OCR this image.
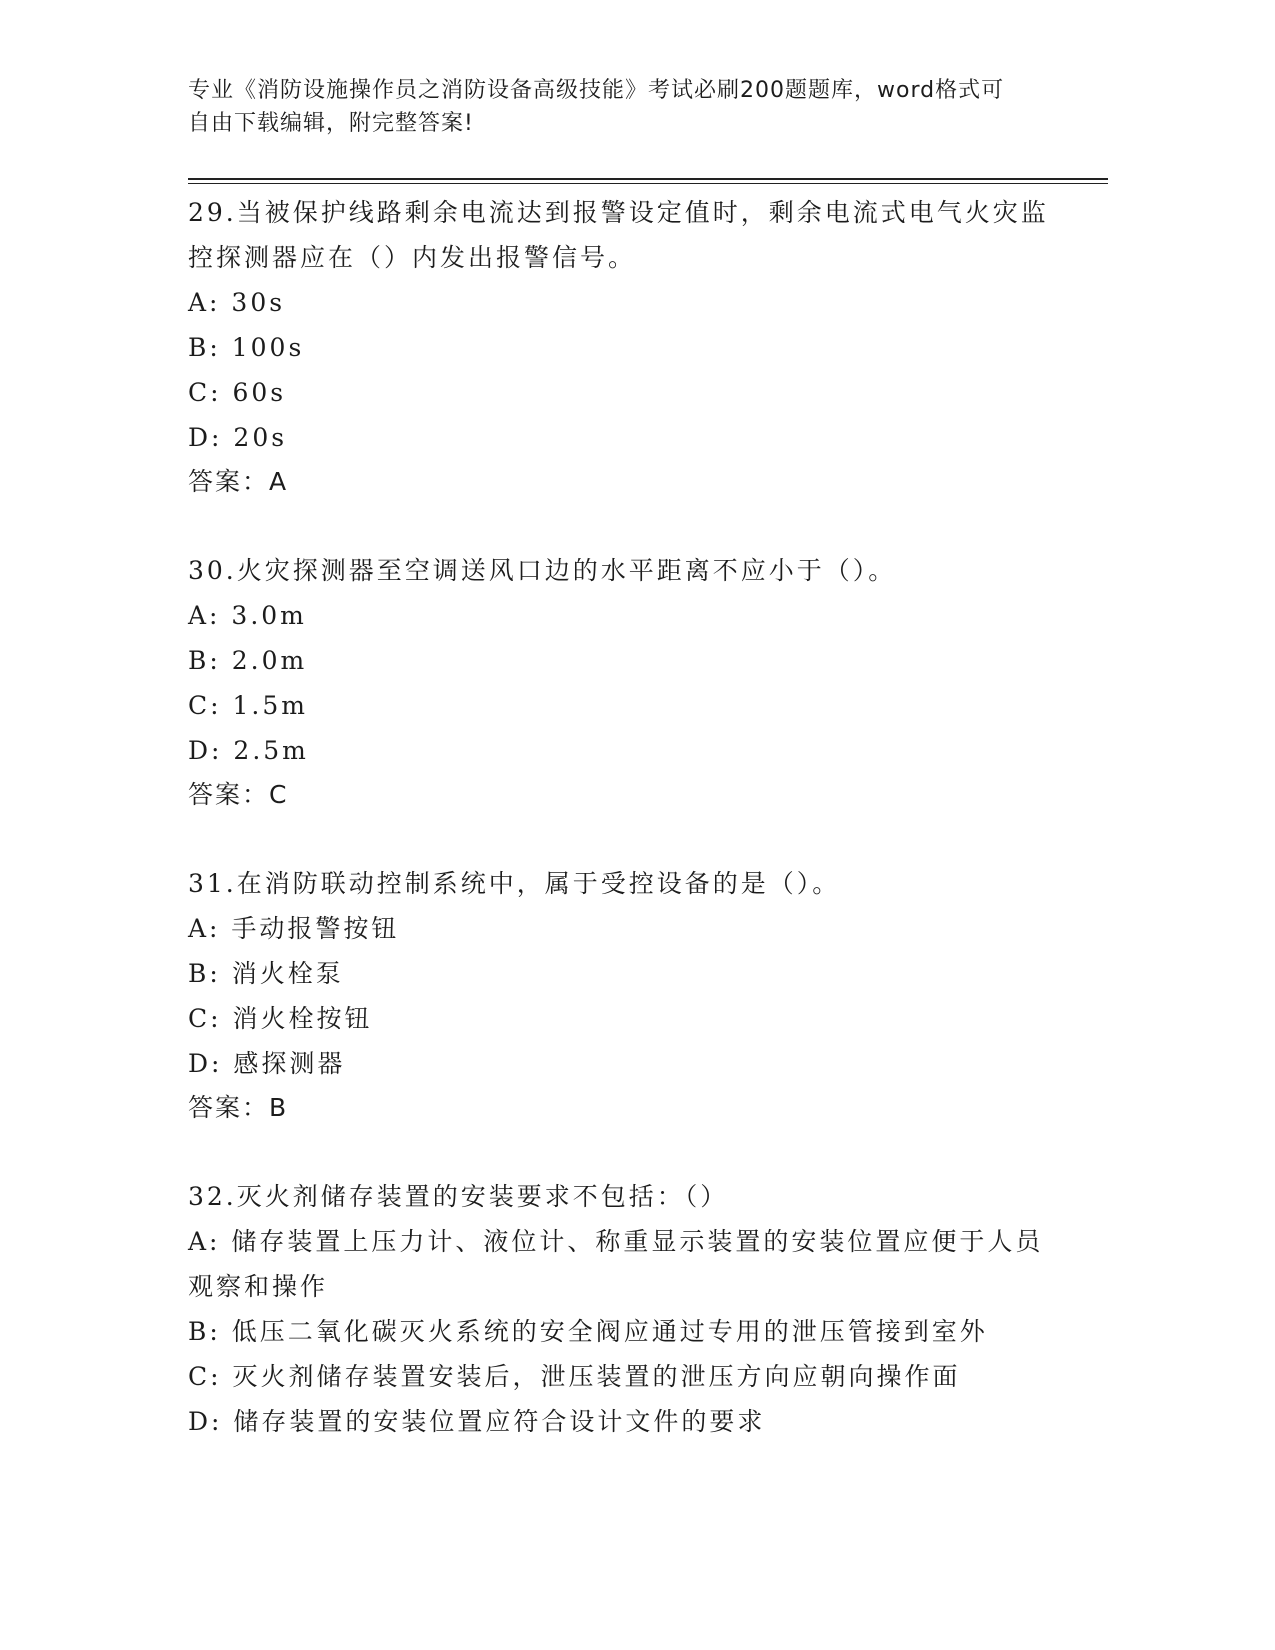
专业《消防设施操作员之消防设备高级技能》考试必刷200题题库，word格式可
自由下载编辑，附完整答案!
29.当被保护线路剩余电流达到报警设定值时，剩余电流式电气火灾监
控探测器应在（）内发出报警信号。
A: 30s
B: 100s
C: 60s
D: 20s
答案：A
30.火灾探测器至空调送风口边的水平距离不应小于（）。
A: 3.0m
B: 2.0m
C: 1.5m
D: 2.5m
答案：C
31.在消防联动控制系统中，属于受控设备的是（）。
A: 手动报警按钮
B: 消火栓泵
C: 消火栓按钮
D: 感探测器
答案：B
32.灭火剂储存装置的安装要求不包括：（）
A: 储存装置上压力计、液位计、称重显示装置的安装位置应便于人员
观察和操作
B: 低压二氧化碳灭火系统的安全阀应通过专用的泄压管接到室外
C: 灭火剂储存装置安装后，泄压装置的泄压方向应朝向操作面
D: 储存装置的安装位置应符合设计文件的要求
